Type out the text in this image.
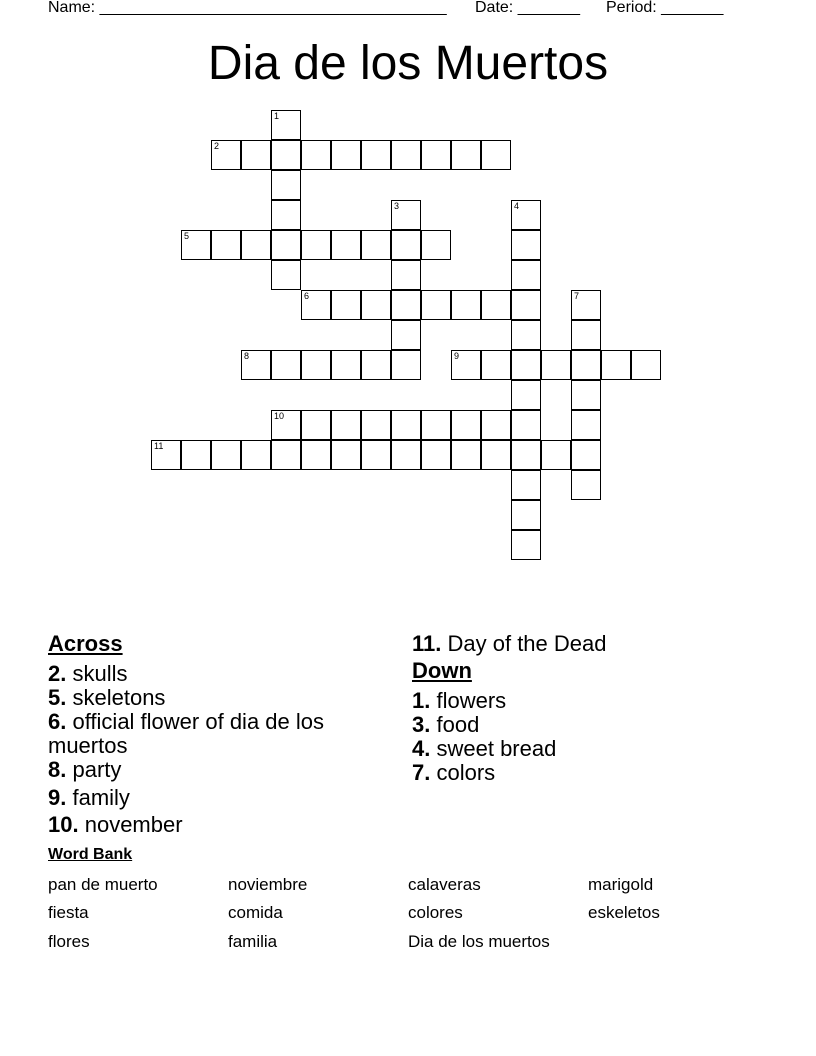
Name: _______________________________________ Date: _______ Period: _______
Dia de los Muertos
2
5
6
8	9
10
11
1
3	4
7
Across
2. skulls
5. skeletons
6. official flower of dia de los muertos
8. party
9. family
10. november
11. Day of the Dead
Down
1. flowers
3. food
4. sweet bread
7. colors
Word Bank
pan de muerto	noviembre	calaveras	marigold
fiesta	comida	colores	eskeletos
flores	familia	Dia de los muertos
